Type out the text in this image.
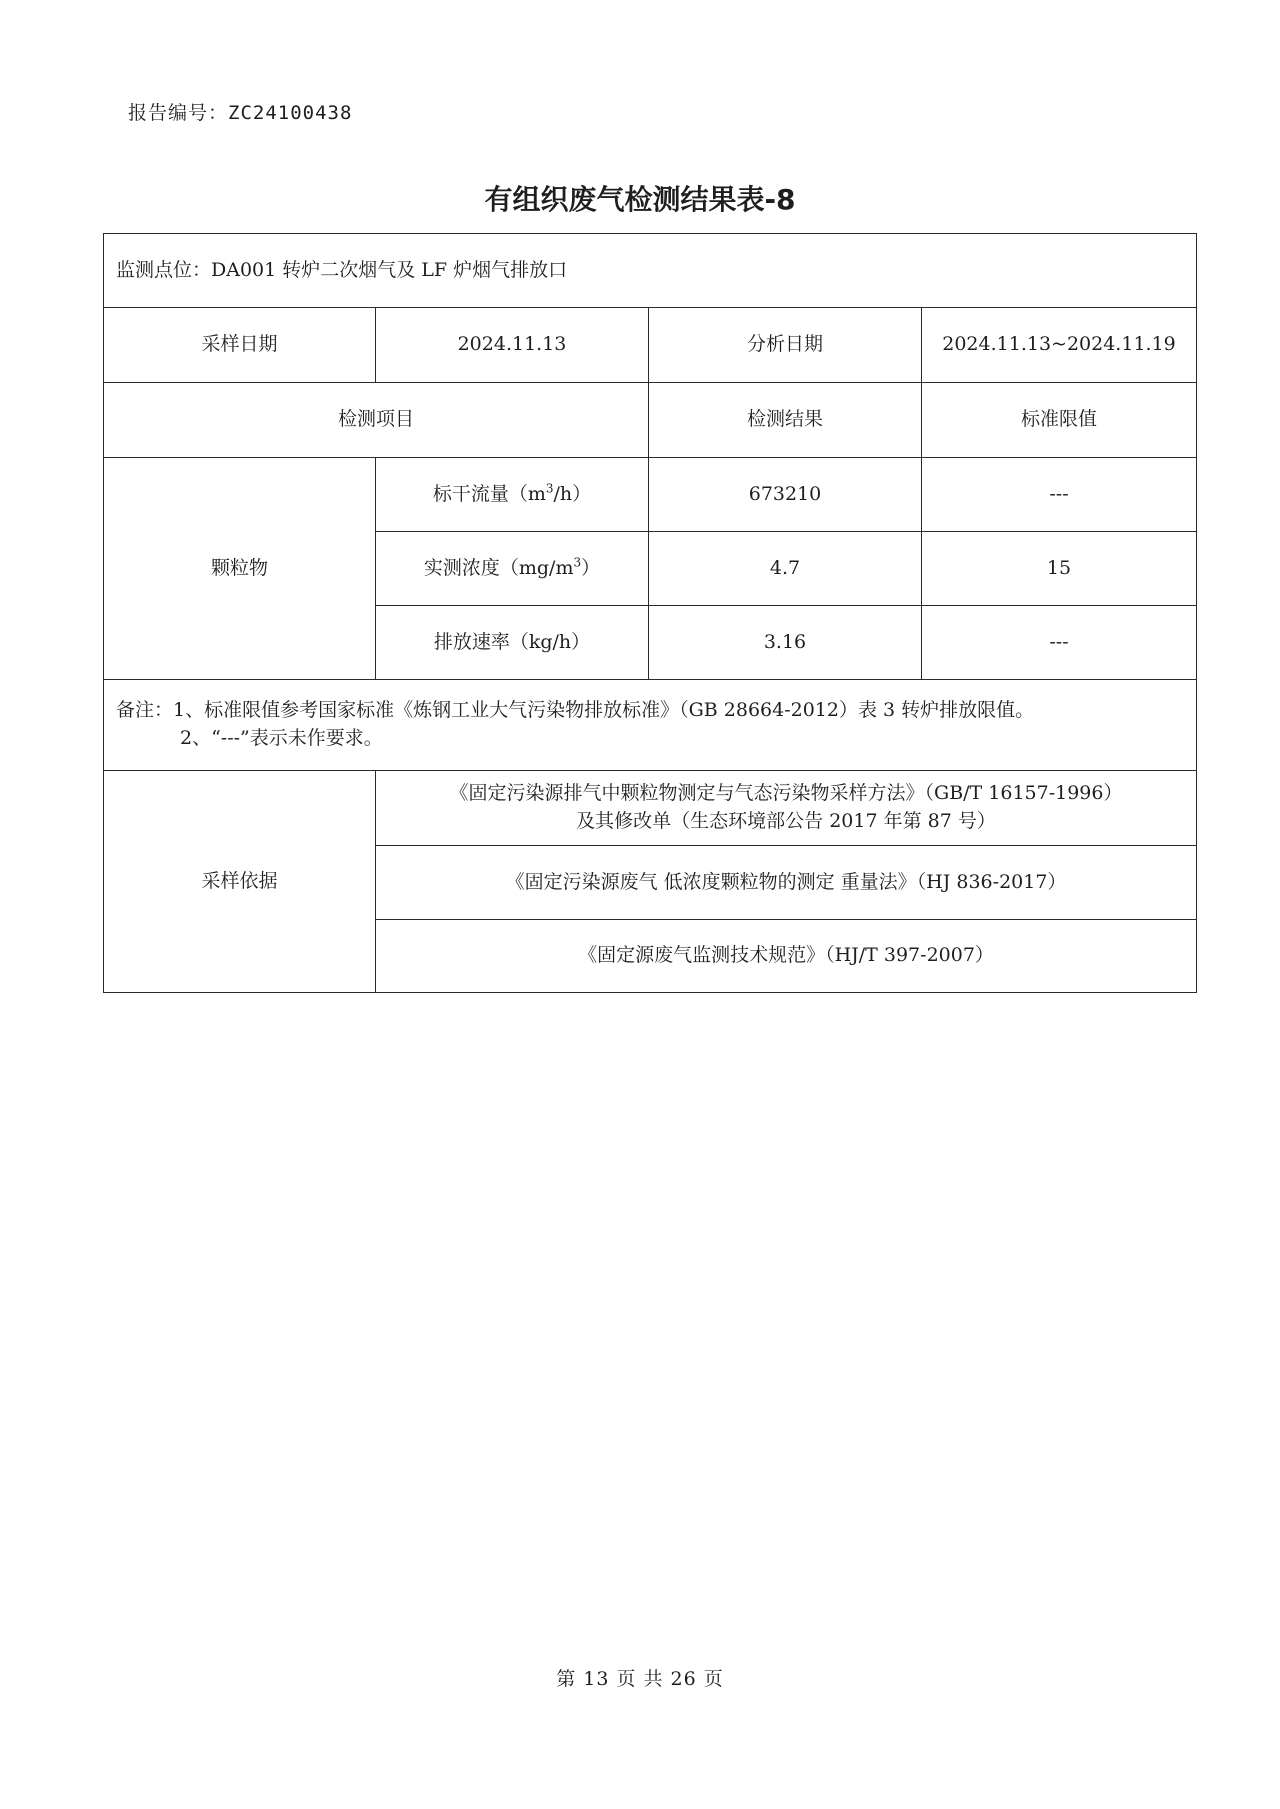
报告编号：ZC24100438
有组织废气检测结果表-8
监测点位：DA001 转炉二次烟气及 LF 炉烟气排放口			
采样日期	2024.11.13	分析日期	2024.11.13~2024.11.19
检测项目		检测结果	标准限值
颗粒物	标干流量$(m^3/h)$	673210	---
	实测浓度$(mg/m^3)$	4.7	15
	排放速率（kg/h）	3.16	---

备注：1、标准限值参考国家标准《炼钢工业大气污染物排放标准》（GB 28664-2012）表 3 转炉排放限值。
2、“---”表示未作要求。			

采样依据	《固定污染源排气中颗粒物测定与气态污染物采样方法》（GB/T 16157-1996）
及其修改单（生态环境部公告 2017 年第 87 号）		

	《固定污染源废气 低浓度颗粒物的测定 重量法》（HJ 836-2017）		
	《固定源废气监测技术规范》（HJ/T 397-2007）		
第 13 页 共 26 页
